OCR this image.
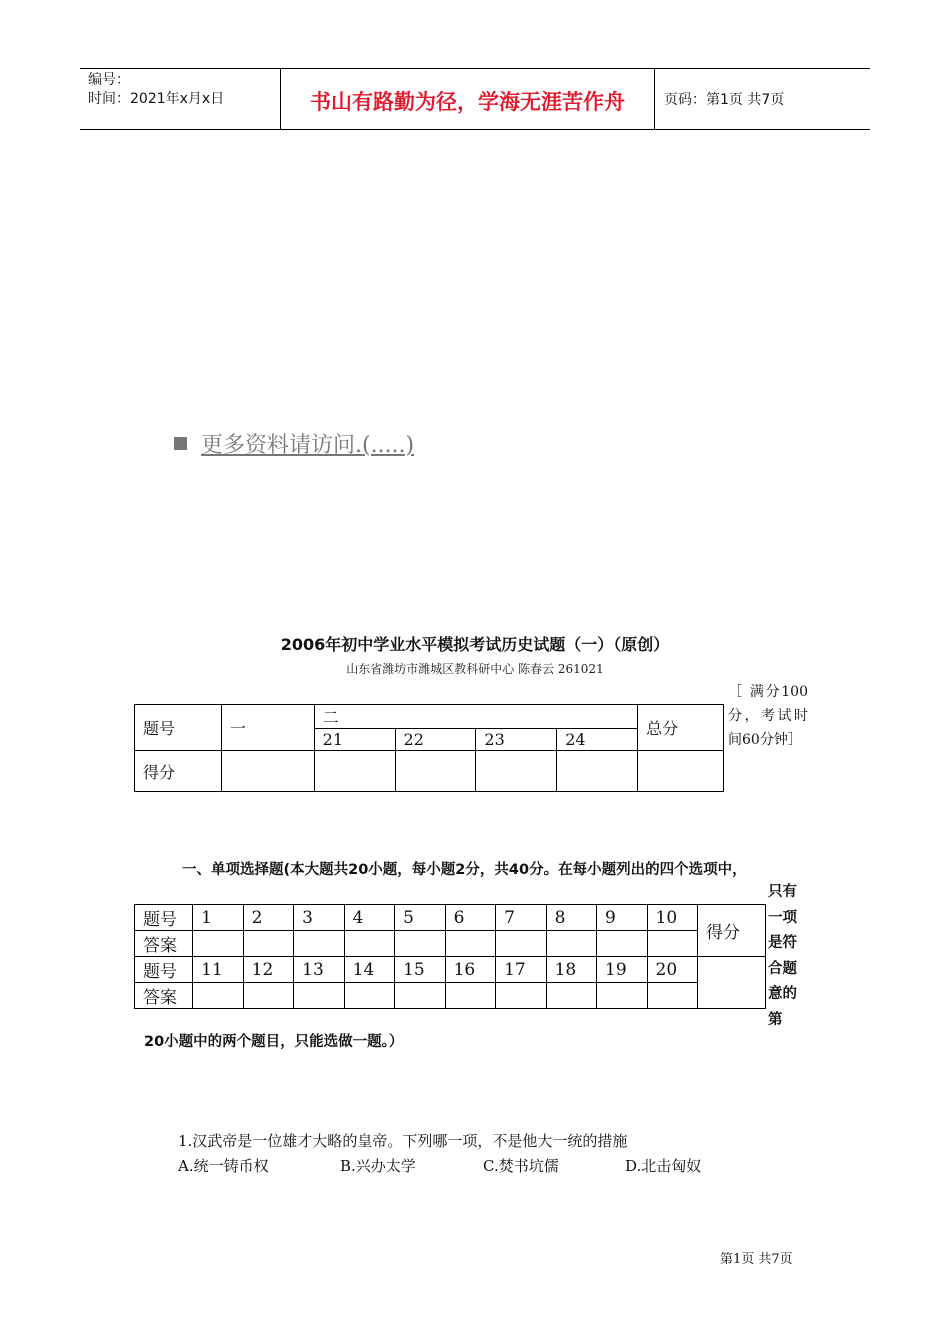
编号：
时间：2021年x月x日	书山有路勤为径，学海无涯苦作舟	页码：第1页 共7页
更多资料请访问.(.....)
2006年初中学业水平模拟考试历史试题（一）（原创）
山东省潍坊市潍城区教科研中心 陈春云 261021
题号	一	二				总分
		21	22	23	24	
得分						
［ 满分100分，考试时间60分钟］
一、单项选择题(本大题共20小题，每小题2分，共40分。在每小题列出的四个选项中，
只有一项是符合题意的第
题号	1	2	3	4	5	6	7	8	9	10	得分
答案											
题号	11	12	13	14	15	16	17	18	19	20	
答案											
20小题中的两个题目，只能选做一题。）
1.汉武帝是一位雄才大略的皇帝。下列哪一项，不是他大一统的措施
A.统一铸币权	B.兴办太学	C.焚书坑儒	D.北击匈奴
第1页 共7页
